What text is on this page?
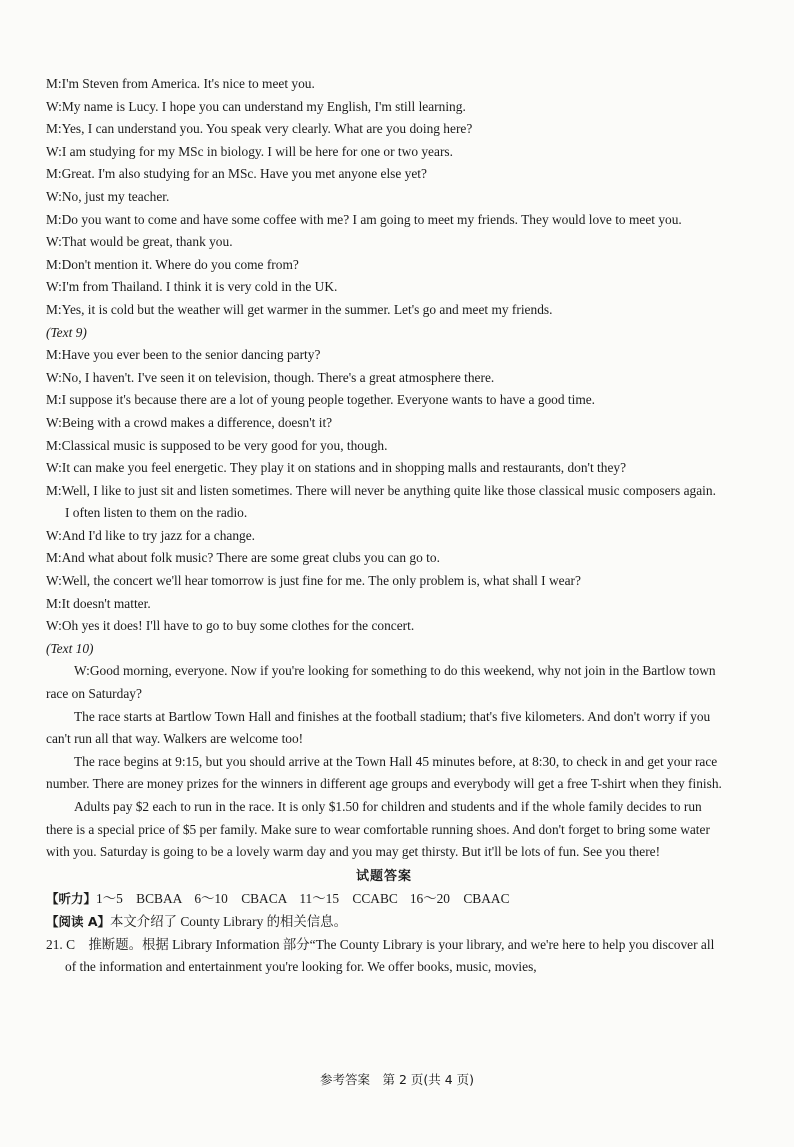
M:I'm Steven from America. It's nice to meet you.

W:My name is Lucy. I hope you can understand my English, I'm still learning.

M:Yes, I can understand you. You speak very clearly. What are you doing here?

W:I am studying for my MSc in biology. I will be here for one or two years.

M:Great. I'm also studying for an MSc. Have you met anyone else yet?

W:No, just my teacher.

M:Do you want to come and have some coffee with me? I am going to meet my friends. They would love to meet you.

W:That would be great, thank you.

M:Don't mention it. Where do you come from?

W:I'm from Thailand. I think it is very cold in the UK.

M:Yes, it is cold but the weather will get warmer in the summer. Let's go and meet my friends.

(Text 9)

M:Have you ever been to the senior dancing party?

W:No, I haven't. I've seen it on television, though. There's a great atmosphere there.

M:I suppose it's because there are a lot of young people together. Everyone wants to have a good time.

W:Being with a crowd makes a difference, doesn't it?

M:Classical music is supposed to be very good for you, though.

W:It can make you feel energetic. They play it on stations and in shopping malls and restaurants, don't they?

M:Well, I like to just sit and listen sometimes. There will never be anything quite like those classical music composers again. I often listen to them on the radio.

W:And I'd like to try jazz for a change.

M:And what about folk music? There are some great clubs you can go to.

W:Well, the concert we'll hear tomorrow is just fine for me. The only problem is, what shall I wear?

M:It doesn't matter.

W:Oh yes it does! I'll have to go to buy some clothes for the concert.

(Text 10)

W:Good morning, everyone. Now if you're looking for something to do this weekend, why not join in the Bartlow town race on Saturday?

The race starts at Bartlow Town Hall and finishes at the football stadium; that's five kilometers. And don't worry if you can't run all that way. Walkers are welcome too!

The race begins at 9:15, but you should arrive at the Town Hall 45 minutes before, at 8:30, to check in and get your race number. There are money prizes for the winners in different age groups and everybody will get a free T-shirt when they finish.

Adults pay $2 each to run in the race. It is only $1.50 for children and students and if the whole family decides to run there is a special price of $5 per family. Make sure to wear comfortable running shoes. And don't forget to bring some water with you. Saturday is going to be a lovely warm day and you may get thirsty. But it'll be lots of fun. See you there!

试题答案

【听力】1～5　BCBAA 6～10　CBACA 11～15　CCABC 16～20　CBAAC

【阅读 A】本文介绍了 County Library 的相关信息。

21. C　推断题。根据 Library Information 部分“The County Library is your library, and we're here to help you discover all of the information and entertainment you're looking for. We offer books, music, movies,

参考答案　第 2 页(共 4 页)
